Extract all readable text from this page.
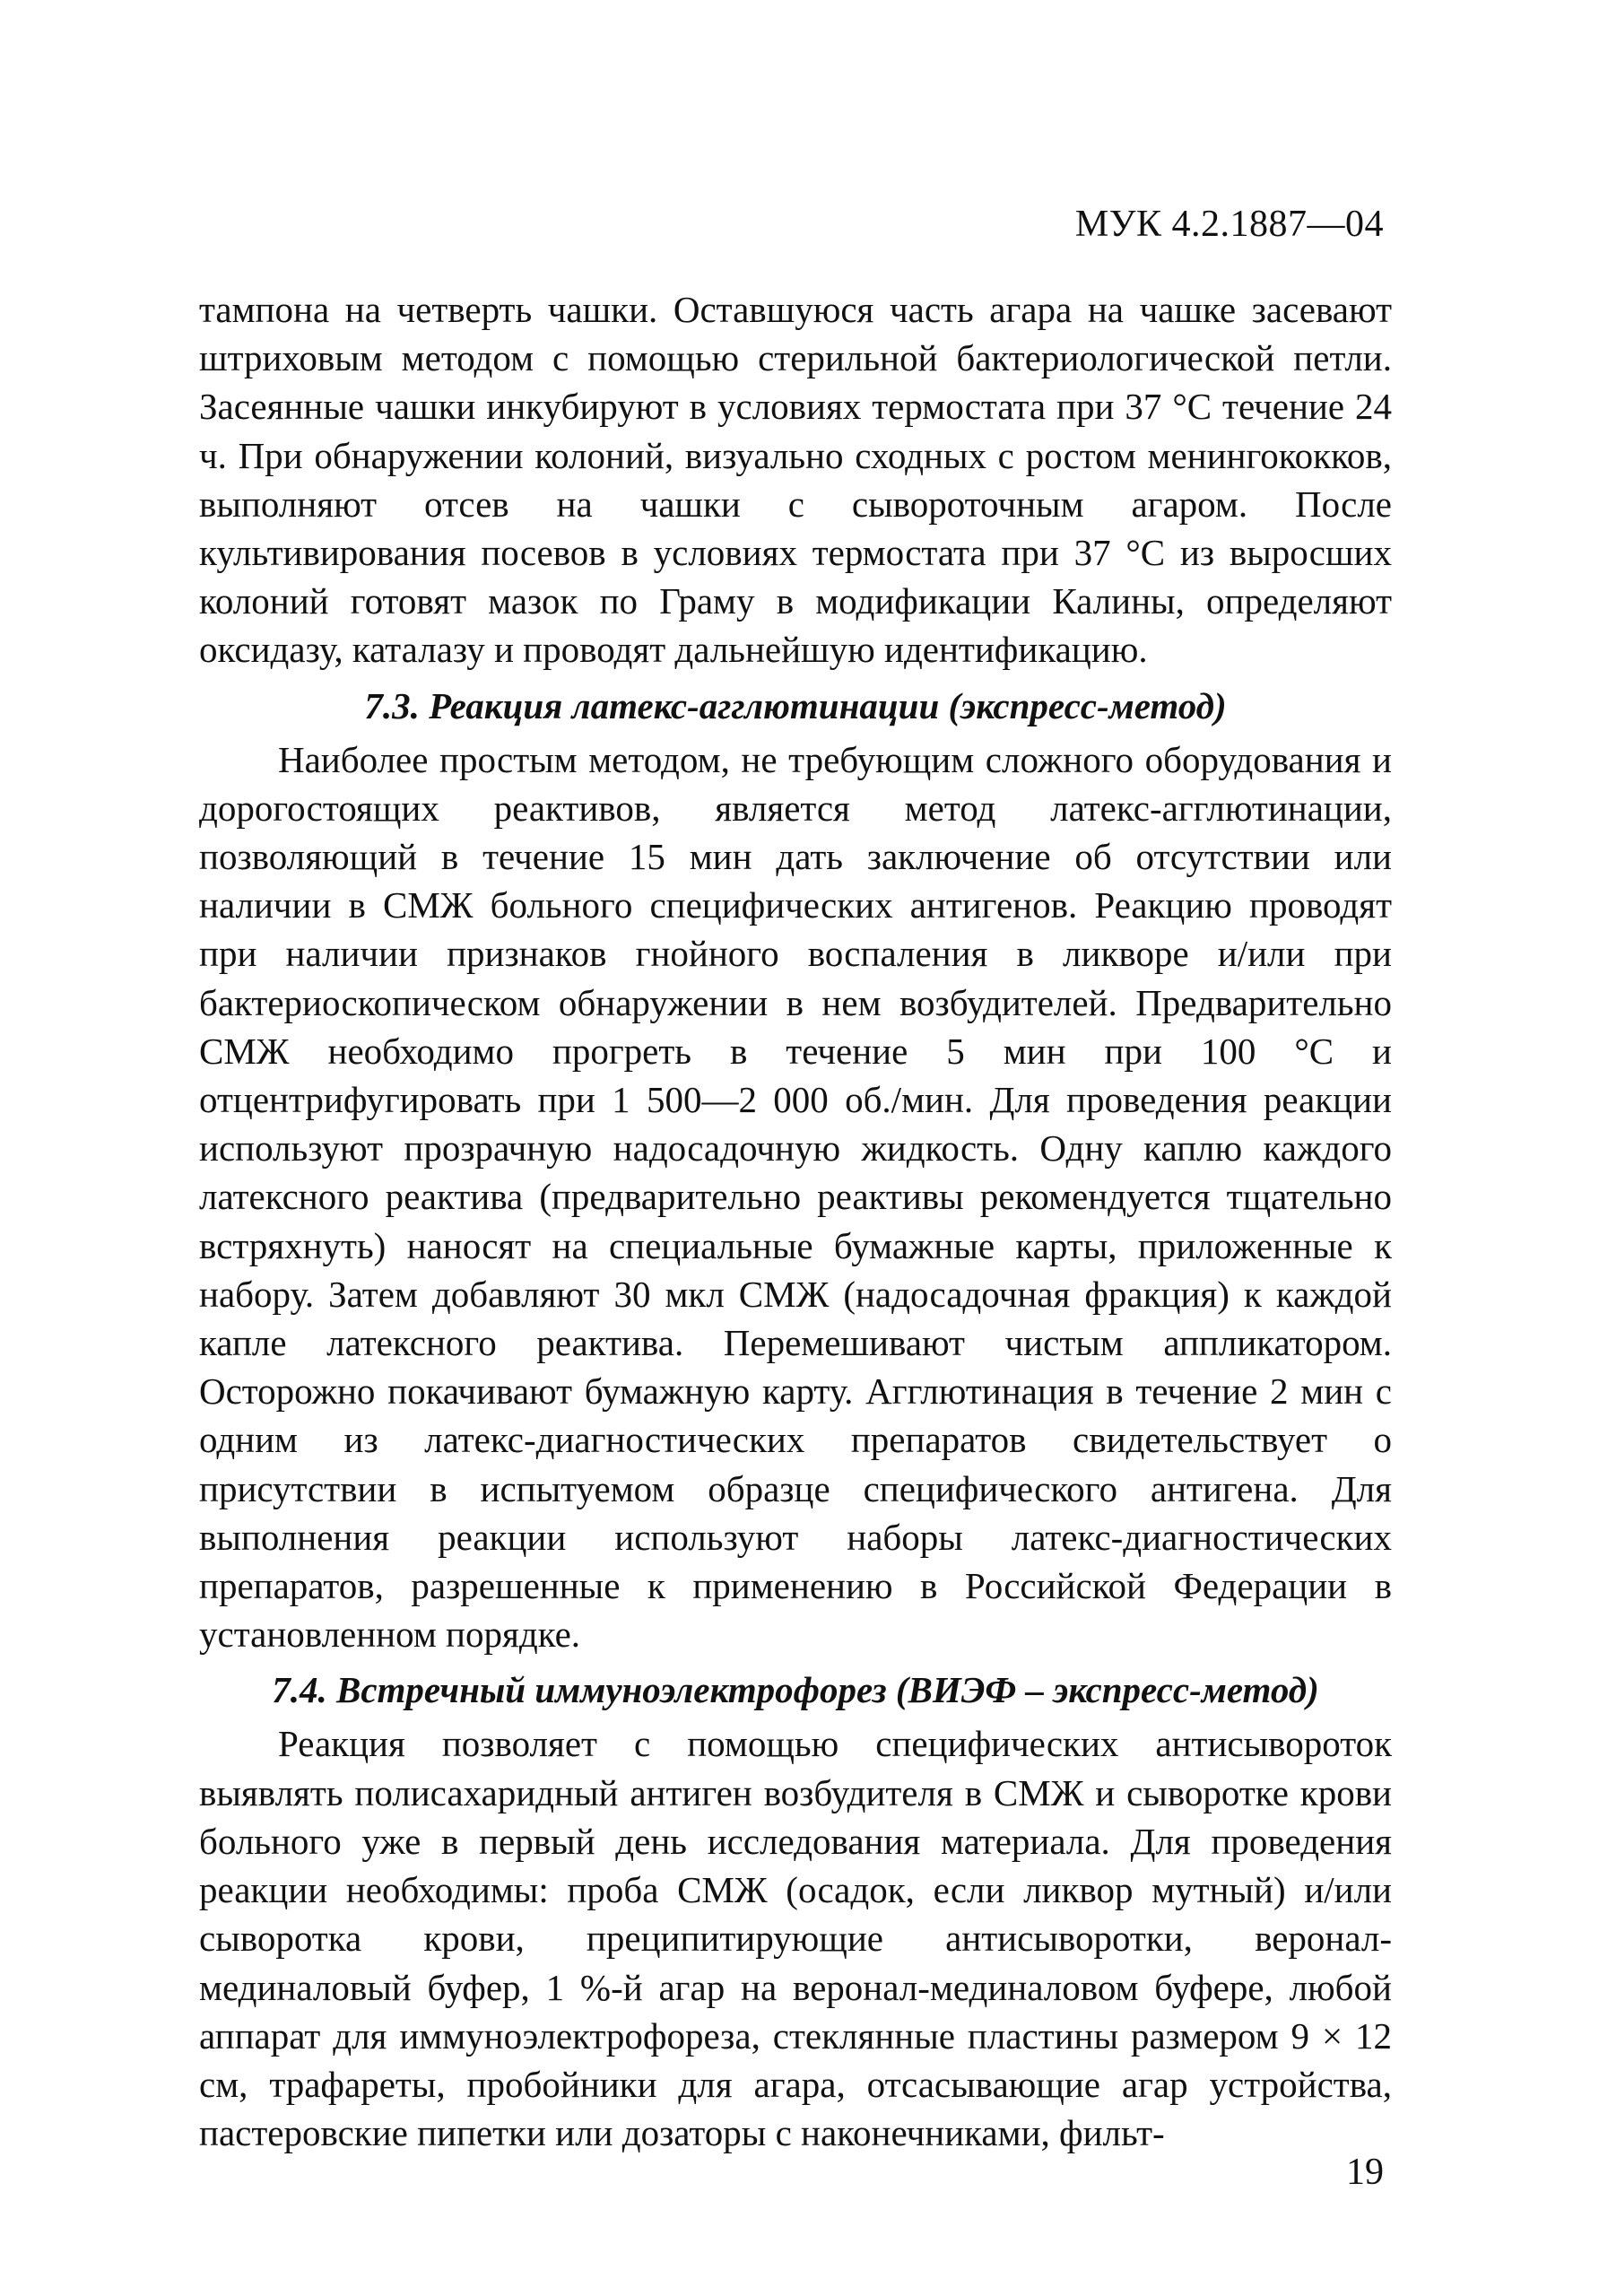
МУК 4.2.1887—04

тампона на четверть чашки. Оставшуюся часть агара на чашке засевают штриховым методом с помощью стерильной бактериологической петли. Засеянные чашки инкубируют в условиях термостата при 37 °С течение 24 ч. При обнаружении колоний, визуально сходных с ростом менингококков, выполняют отсев на чашки с сывороточным агаром. После культивирования посевов в условиях термостата при 37 °С из выросших колоний готовят мазок по Граму в модификации Калины, определяют оксидазу, каталазу и проводят дальнейшую идентификацию.

7.3. Реакция латекс-агглютинации (экспресс-метод)

Наиболее простым методом, не требующим сложного оборудования и дорогостоящих реактивов, является метод латекс-агглютинации, позволяющий в течение 15 мин дать заключение об отсутствии или наличии в СМЖ больного специфических антигенов. Реакцию проводят при наличии признаков гнойного воспаления в ликворе и/или при бактериоскопическом обнаружении в нем возбудителей. Предварительно СМЖ необходимо прогреть в течение 5 мин при 100 °С и отцентрифугировать при 1 500—2 000 об./мин. Для проведения реакции используют прозрачную надосадочную жидкость. Одну каплю каждого латексного реактива (предварительно реактивы рекомендуется тщательно встряхнуть) наносят на специальные бумажные карты, приложенные к набору. Затем добавляют 30 мкл СМЖ (надосадочная фракция) к каждой капле латексного реактива. Перемешивают чистым аппликатором. Осторожно покачивают бумажную карту. Агглютинация в течение 2 мин с одним из латекс-диагностических препаратов свидетельствует о присутствии в испытуемом образце специфического антигена. Для выполнения реакции используют наборы латекс-диагностических препаратов, разрешенные к применению в Российской Федерации в установленном порядке.

7.4. Встречный иммуноэлектрофорез (ВИЭФ – экспресс-метод)

Реакция позволяет с помощью специфических антисывороток выявлять полисахаридный антиген возбудителя в СМЖ и сыворотке крови больного уже в первый день исследования материала. Для проведения реакции необходимы: проба СМЖ (осадок, если ликвор мутный) и/или сыворотка крови, преципитирующие антисыворотки, веронал-мединаловый буфер, 1 %-й агар на веронал-мединаловом буфере, любой аппарат для иммуноэлектрофореза, стеклянные пластины размером 9 × 12 см, трафареты, пробойники для агара, отсасывающие агар устройства, пастеровские пипетки или дозаторы с наконечниками, фильт-

19
